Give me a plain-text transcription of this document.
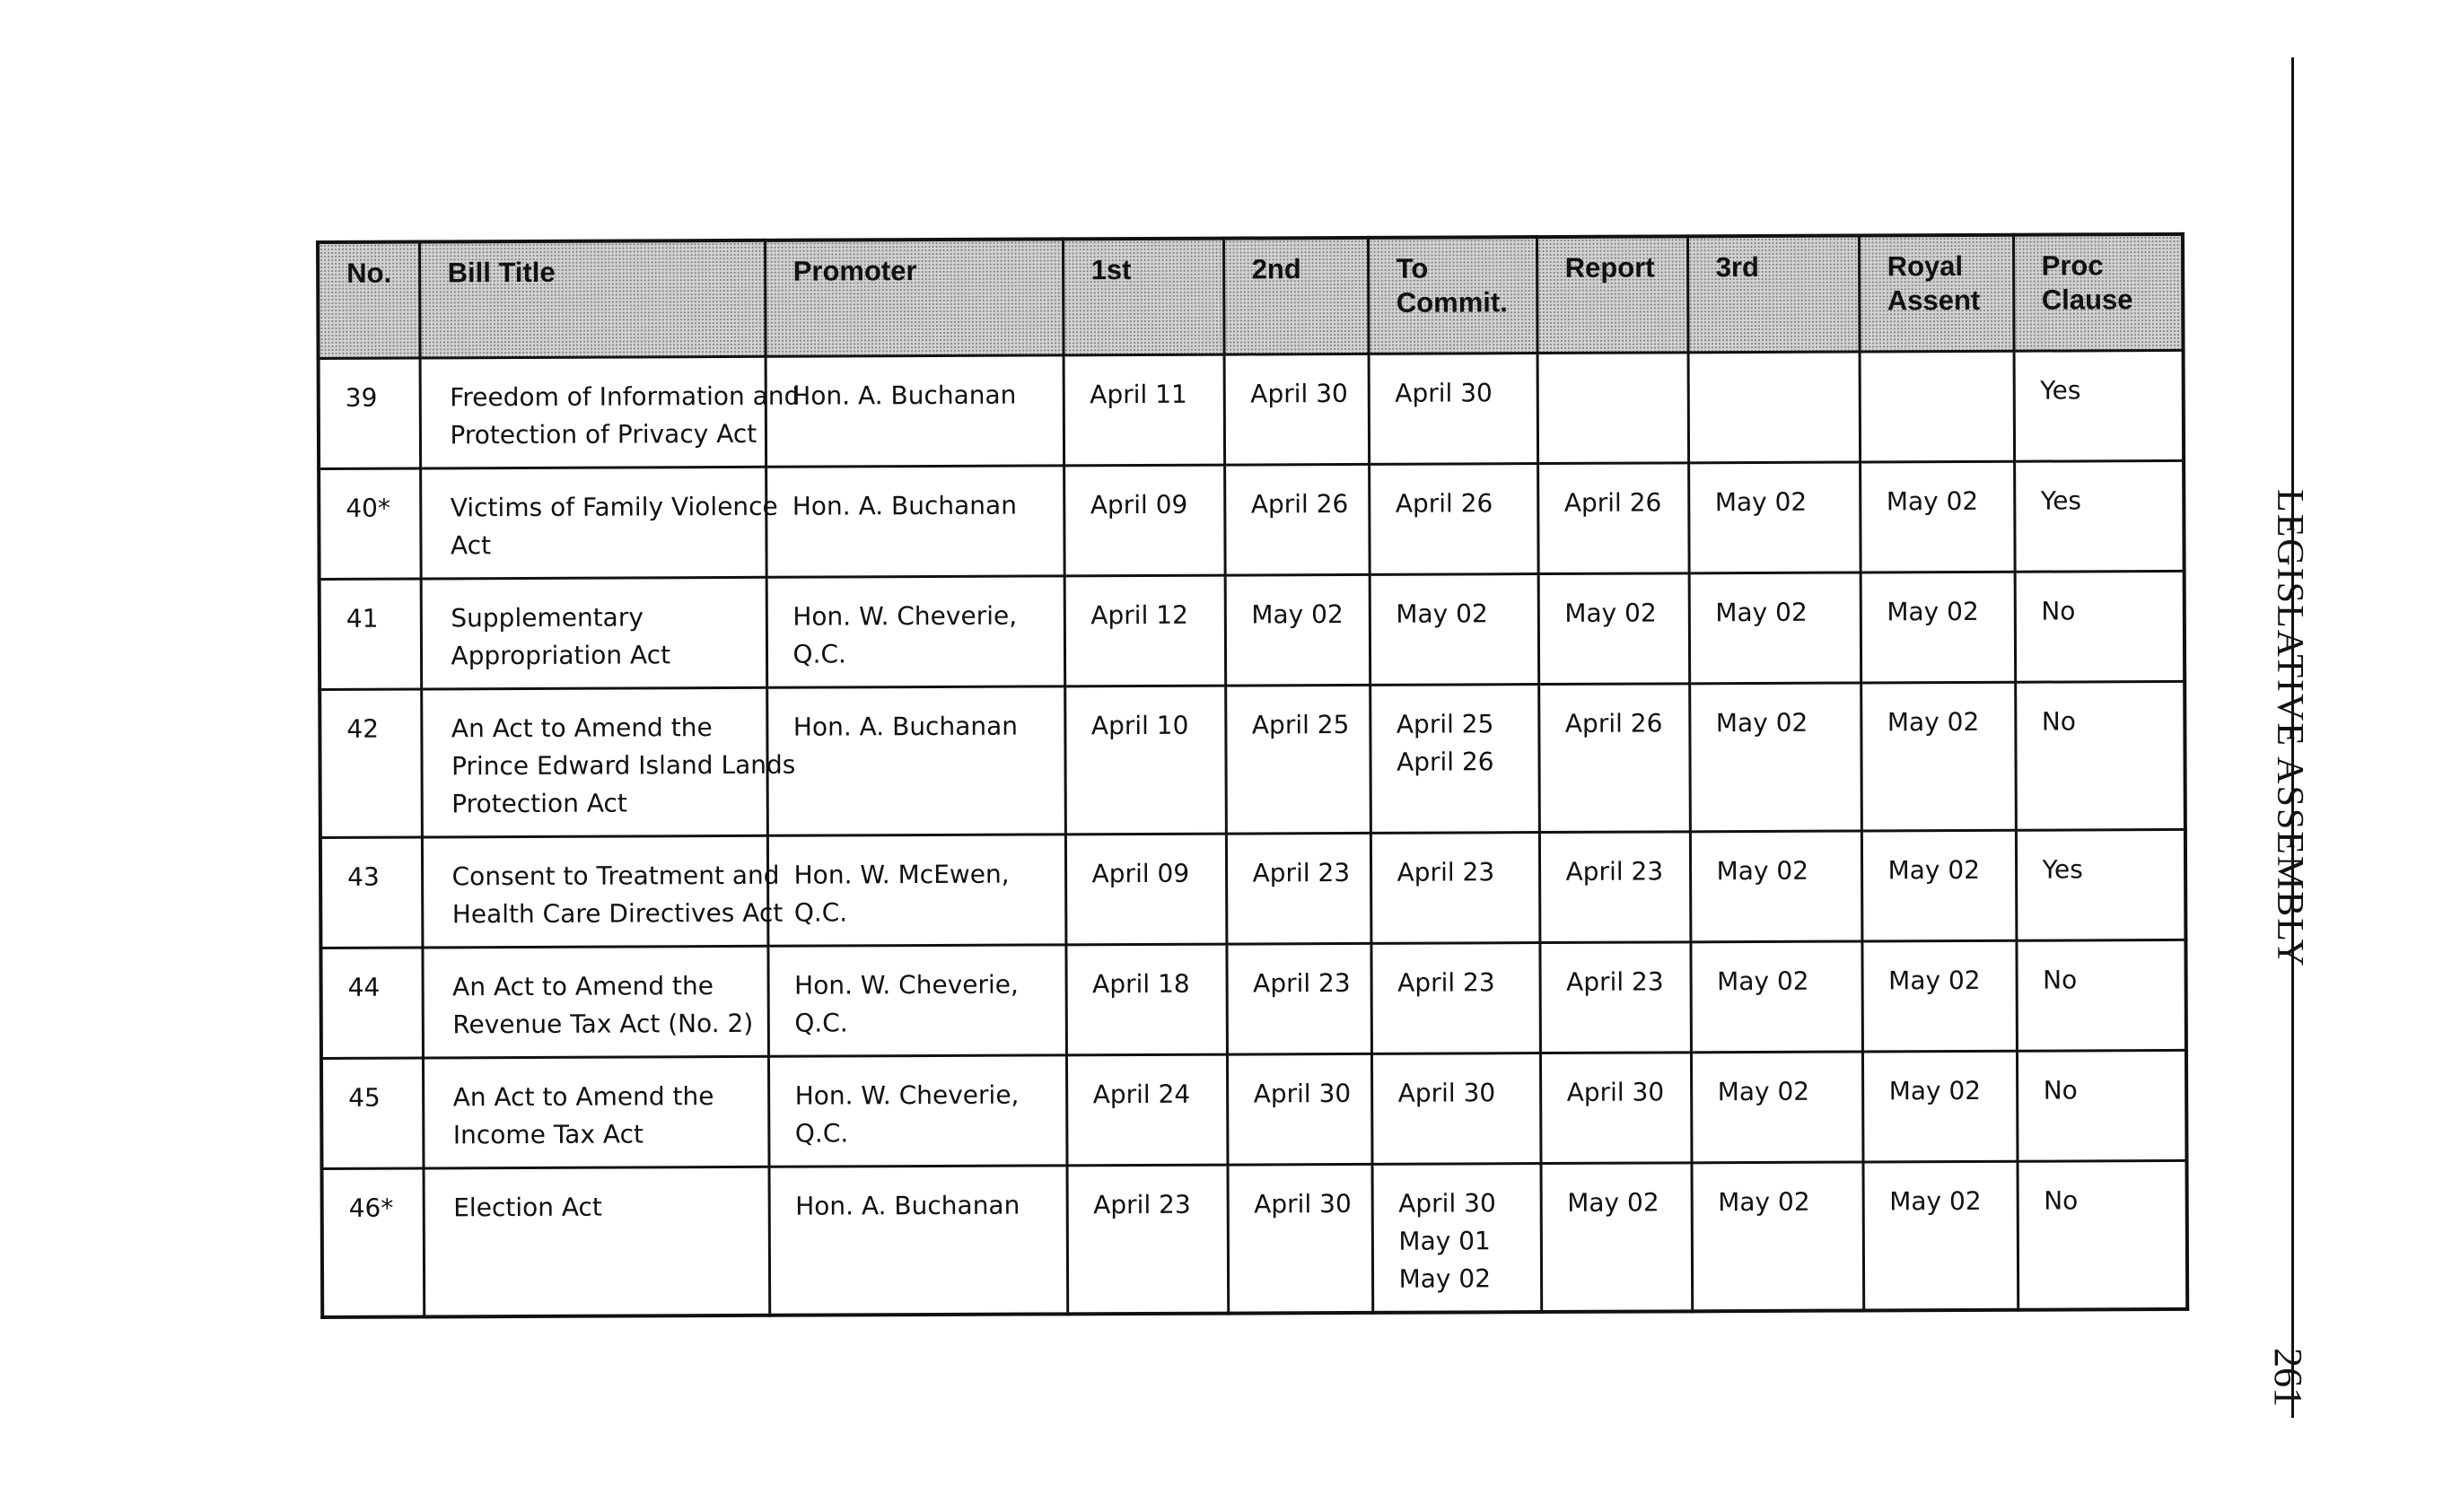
No.	Bill Title	Promoter	1st	2nd	To Commit.	Report	3rd	Royal Assent	Proc Clause
39	Freedom of Information and
Protection of Privacy Act	Hon. A. Buchanan	April 11	April 30	April 30				Yes
40*	Victims of Family Violence
Act	Hon. A. Buchanan	April 09	April 26	April 26	April 26	May 02	May 02	Yes
41	Supplementary
Appropriation Act	Hon. W. Cheverie, Q.C.	April 12	May 02	May 02	May 02	May 02	May 02	No
42	An Act to Amend the
Prince Edward Island Lands
Protection Act	Hon. A. Buchanan	April 10	April 25	April 25
April 26	April 26	May 02	May 02	No
43	Consent to Treatment and
Health Care Directives Act	Hon. W. McEwen, Q.C.	April 09	April 23	April 23	April 23	May 02	May 02	Yes
44	An Act to Amend the
Revenue Tax Act (No. 2)	Hon. W. Cheverie, Q.C.	April 18	April 23	April 23	April 23	May 02	May 02	No
45	An Act to Amend the
Income Tax Act	Hon. W. Cheverie, Q.C.	April 24	April 30	April 30	April 30	May 02	May 02	No
46*	Election Act	Hon. A. Buchanan	April 23	April 30	April 30
May 01
May 02	May 02	May 02	May 02	No
LEGISLATIVE ASSEMBLY
261
